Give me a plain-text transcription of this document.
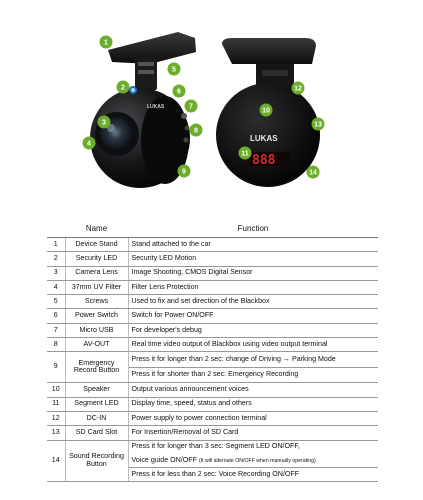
LUKAS
LUKAS
888
1
2
3
4
5
6
7
8
9
10
11
12
13
14
	Name	Function
1	Device Stand	Stand attached to the car
2	Security LED	Security LED Motion
3	Camera Lens	Image Shooting, CMOS Digital Sensor
4	37mm UV Filter	Filter Lens Protection
5	Screws	Used to fix and set direction of the Blackbox
6	Power Switch	Switch for Power ON/OFF
7	Micro USB	For developer's debug
8	AV-OUT	Real time video output of Blackbox using video output terminal
9	Emergency Record Button	Press it for longer than 2 sec: change of Driving → Parking Mode
		Press it for shorter than 2 sec: Emergency Recording
10	Speaker	Output various announcement voices
11	Segment LED	Display time, speed, status and others
12	DC-IN	Power supply to power connection terminal
13	SD Card Slot	For Insertion/Removal of SD Card
14	Sound Recording Button	Press it for longer than 3 sec: Segment LED ON/OFF,
		Voice guide ON/OFF (It will alternate ON/OFF when manually operating)
		Press it for less than 2 sec: Voice Recording ON/OFF
